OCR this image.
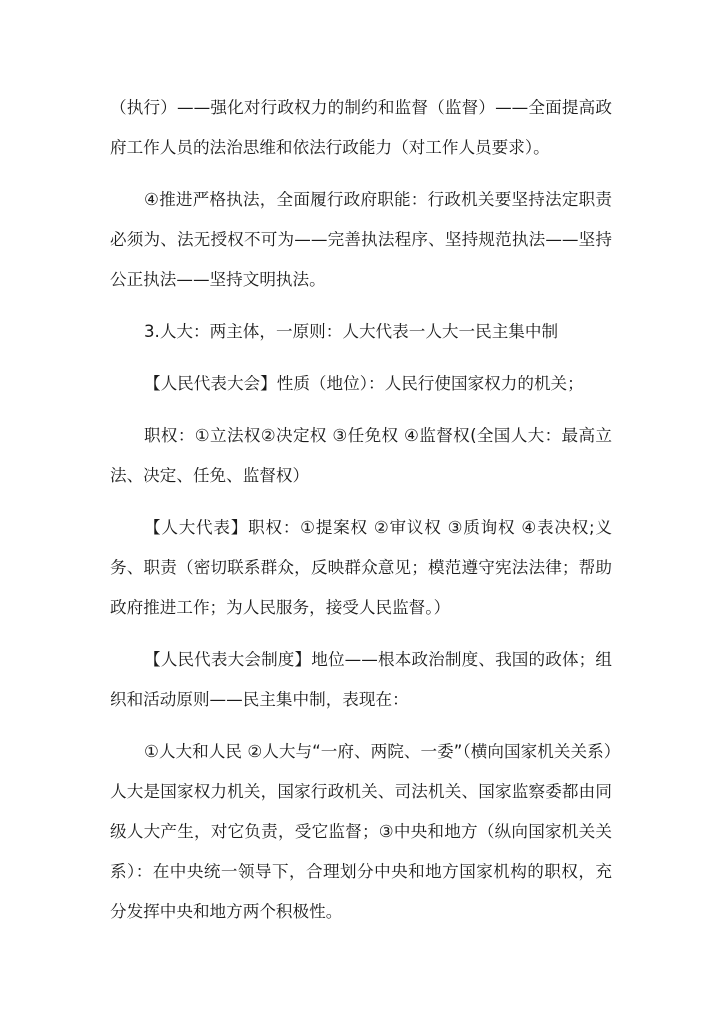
（执行）——强化对行政权力的制约和监督（监督）——全面提高政府工作人员的法治思维和依法行政能力（对工作人员要求）。

④推进严格执法，全面履行政府职能：行政机关要坚持法定职责必须为、法无授权不可为——完善执法程序、坚持规范执法——坚持公正执法——坚持文明执法。

3.人大：两主体，一原则：人大代表一人大一民主集中制

【人民代表大会】性质（地位）：人民行使国家权力的机关；

职权：①立法权②决定权 ③任免权 ④监督权(全国人大：最高立法、决定、任免、监督权）

【人大代表】职权：①提案权 ②审议权 ③质询权 ④表决权;义务、职责（密切联系群众，反映群众意见；模范遵守宪法法律；帮助政府推进工作；为人民服务，接受人民监督。）

【人民代表大会制度】地位——根本政治制度、我国的政体；组织和活动原则——民主集中制，表现在：

①人大和人民 ②人大与“一府、两院、一委”（横向国家机关关系）人大是国家权力机关，国家行政机关、司法机关、国家监察委都由同级人大产生，对它负责，受它监督；③中央和地方（纵向国家机关关系）：在中央统一领导下，合理划分中央和地方国家机构的职权，充分发挥中央和地方两个积极性。
